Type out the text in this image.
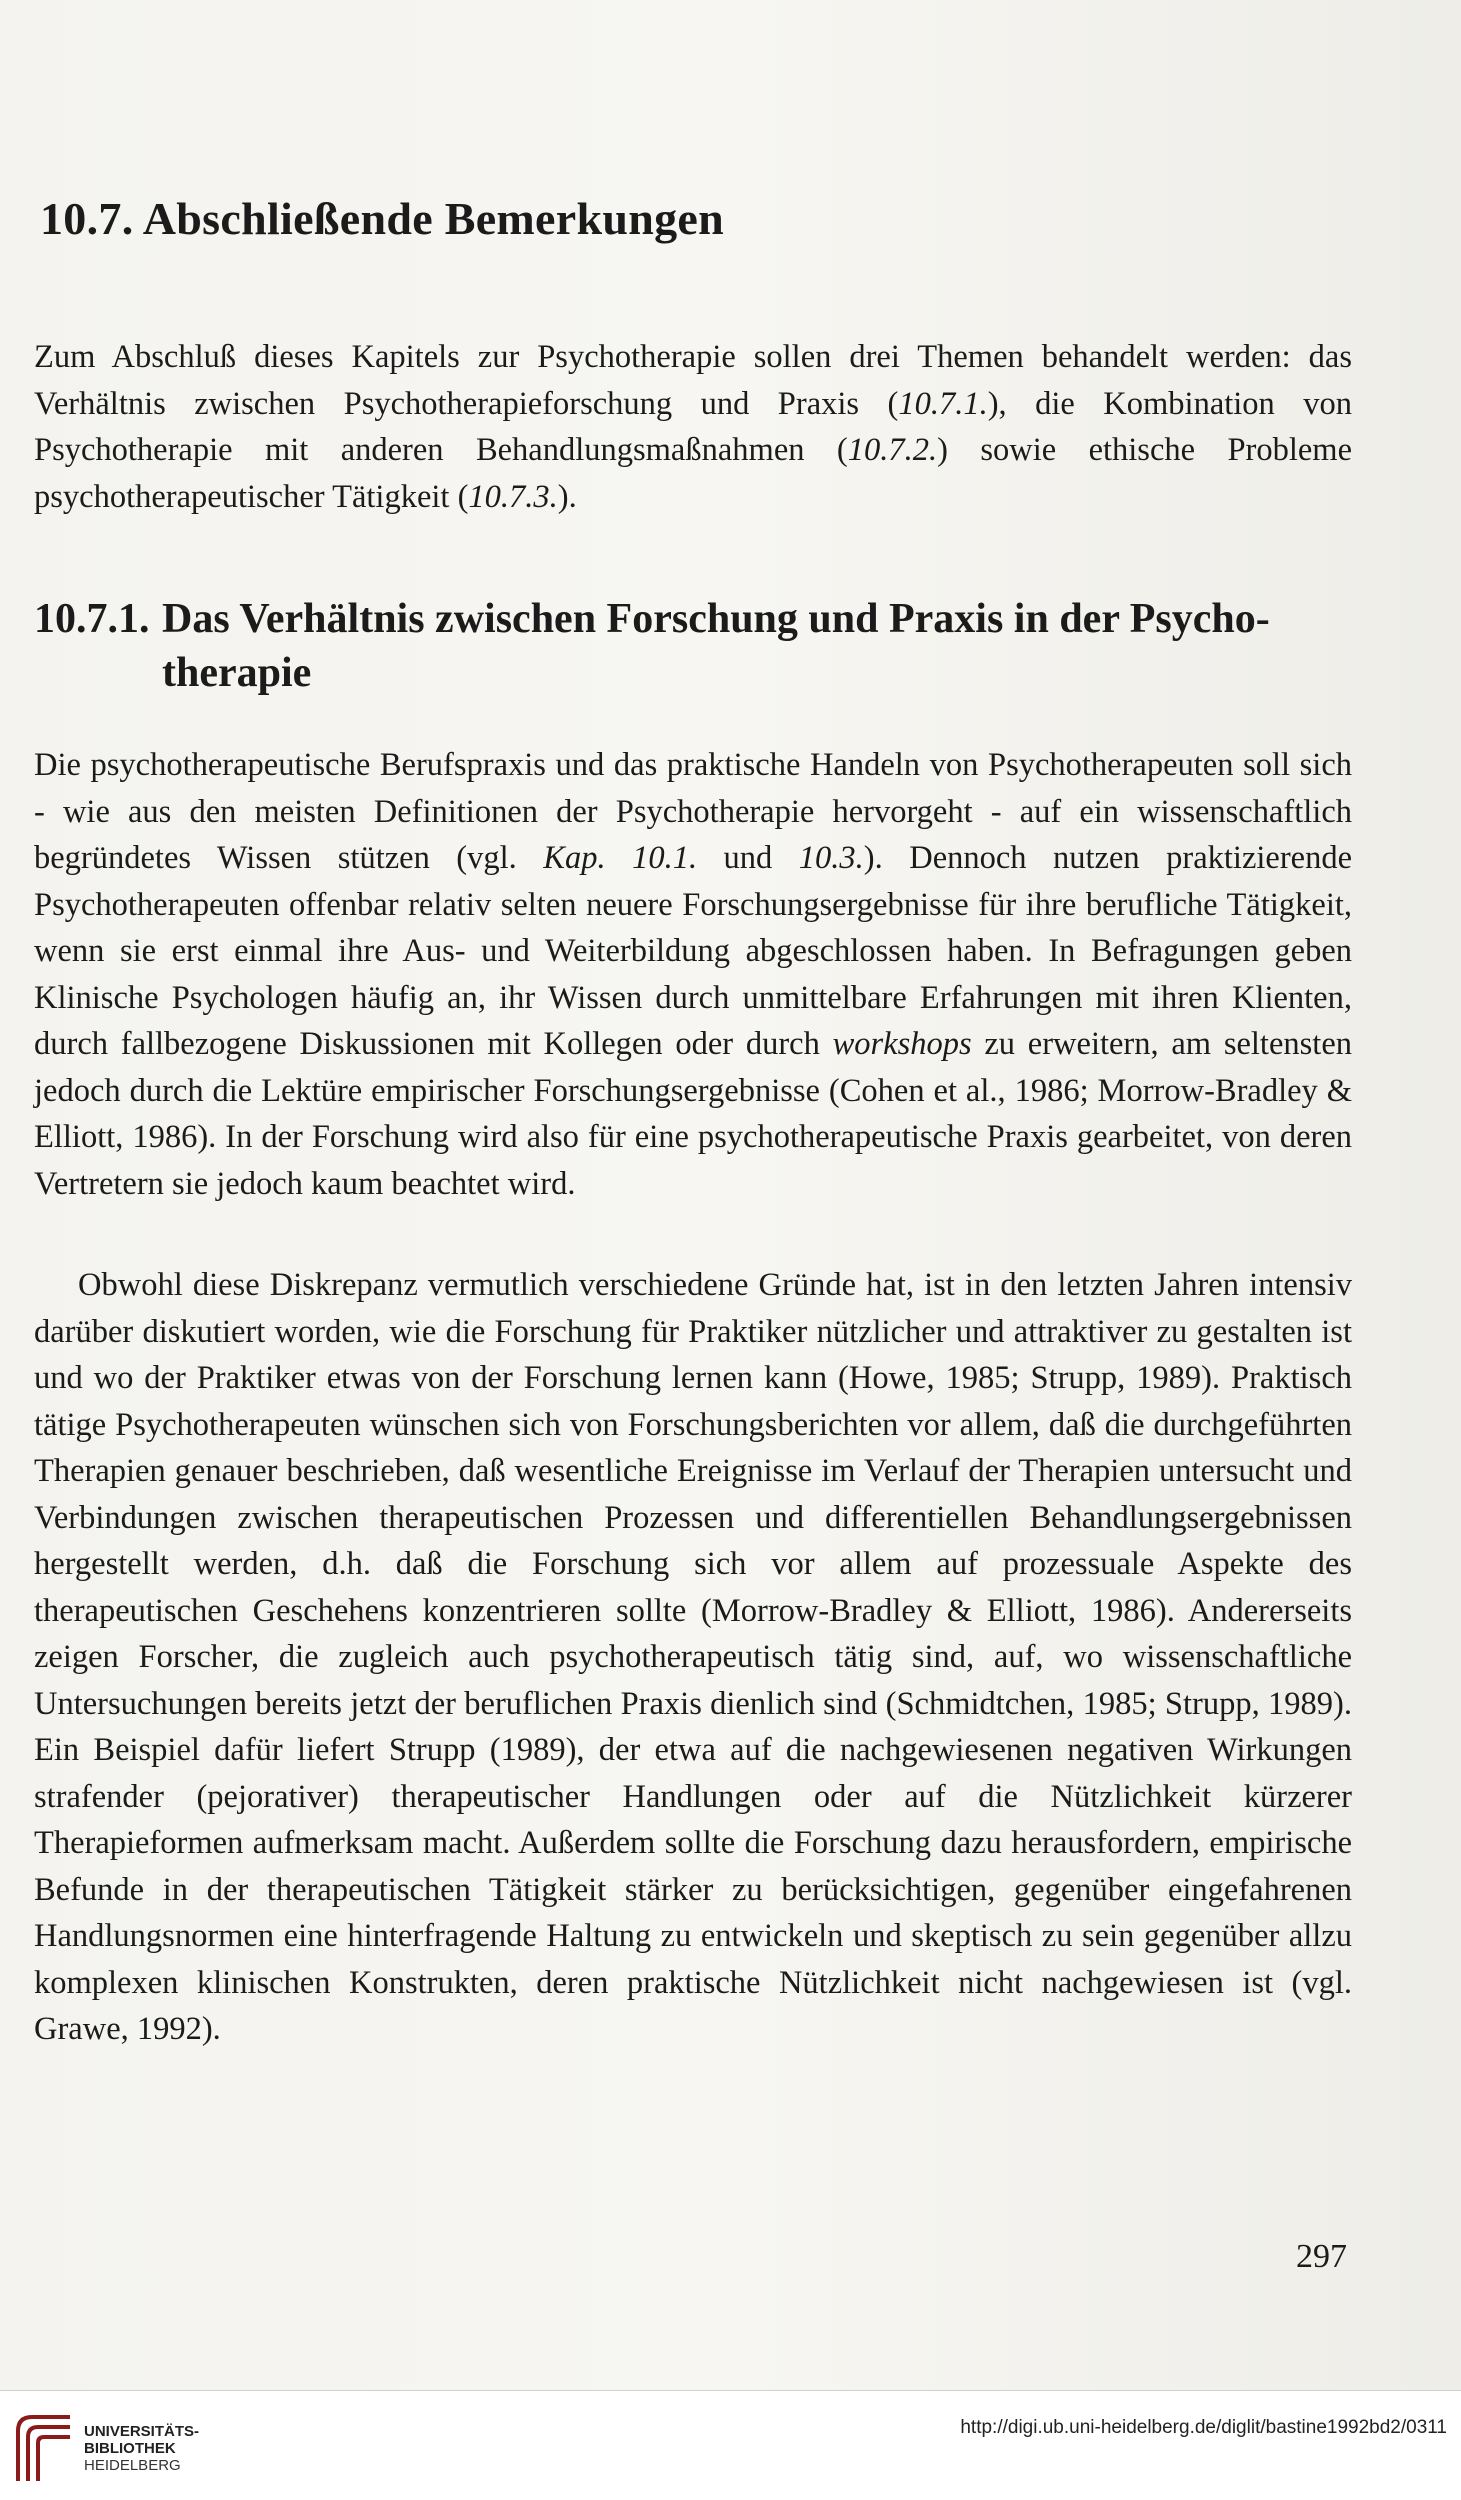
10.7. Abschließende Bemerkungen

Zum Abschluß dieses Kapitels zur Psychotherapie sollen drei Themen behandelt werden: das Verhältnis zwischen Psychotherapieforschung und Praxis (10.7.1.), die Kombination von Psychotherapie mit anderen Behandlungsmaßnahmen (10.7.2.) sowie ethische Probleme psychotherapeutischer Tätigkeit (10.7.3.).

10.7.1. Das Verhältnis zwischen Forschung und Praxis in der Psycho-
therapie

Die psychotherapeutische Berufspraxis und das praktische Handeln von Psychotherapeuten soll sich - wie aus den meisten Definitionen der Psychotherapie hervorgeht - auf ein wissenschaftlich begründetes Wissen stützen (vgl. Kap. 10.1. und 10.3.). Dennoch nutzen praktizierende Psychotherapeuten offenbar relativ selten neuere Forschungsergebnisse für ihre berufliche Tätigkeit, wenn sie erst einmal ihre Aus- und Weiterbildung abgeschlossen haben. In Befragungen geben Klinische Psychologen häufig an, ihr Wissen durch unmittelbare Erfahrungen mit ihren Klienten, durch fallbezogene Diskussionen mit Kollegen oder durch workshops zu erweitern, am seltensten jedoch durch die Lektüre empirischer Forschungsergebnisse (Cohen et al., 1986; Morrow-Bradley & Elliott, 1986). In der Forschung wird also für eine psychotherapeutische Praxis gearbeitet, von deren Vertretern sie jedoch kaum beachtet wird.

Obwohl diese Diskrepanz vermutlich verschiedene Gründe hat, ist in den letzten Jahren intensiv darüber diskutiert worden, wie die Forschung für Praktiker nützlicher und attraktiver zu gestalten ist und wo der Praktiker etwas von der Forschung lernen kann (Howe, 1985; Strupp, 1989). Praktisch tätige Psychotherapeuten wünschen sich von Forschungsberichten vor allem, daß die durchgeführten Therapien genauer beschrieben, daß wesentliche Ereignisse im Verlauf der Therapien untersucht und Verbindungen zwischen therapeutischen Prozessen und differentiellen Behandlungsergebnissen hergestellt werden, d.h. daß die Forschung sich vor allem auf prozessuale Aspekte des therapeutischen Geschehens konzentrieren sollte (Morrow-Bradley & Elliott, 1986). Andererseits zeigen Forscher, die zugleich auch psychotherapeutisch tätig sind, auf, wo wissenschaftliche Untersuchungen bereits jetzt der beruflichen Praxis dienlich sind (Schmidtchen, 1985; Strupp, 1989). Ein Beispiel dafür liefert Strupp (1989), der etwa auf die nachgewiesenen negativen Wirkungen strafender (pejorativer) therapeutischer Handlungen oder auf die Nützlichkeit kürzerer Therapieformen aufmerksam macht. Außerdem sollte die Forschung dazu herausfordern, empirische Befunde in der therapeutischen Tätigkeit stärker zu berücksichtigen, gegenüber eingefahrenen Handlungsnormen eine hinterfragende Haltung zu entwickeln und skeptisch zu sein gegenüber allzu komplexen klinischen Konstrukten, deren praktische Nützlichkeit nicht nachgewiesen ist (vgl. Grawe, 1992).

297
UNIVERSITÄTS-
BIBLIOTHEK
HEIDELBERG
http://digi.ub.uni-heidelberg.de/diglit/bastine1992bd2/0311
